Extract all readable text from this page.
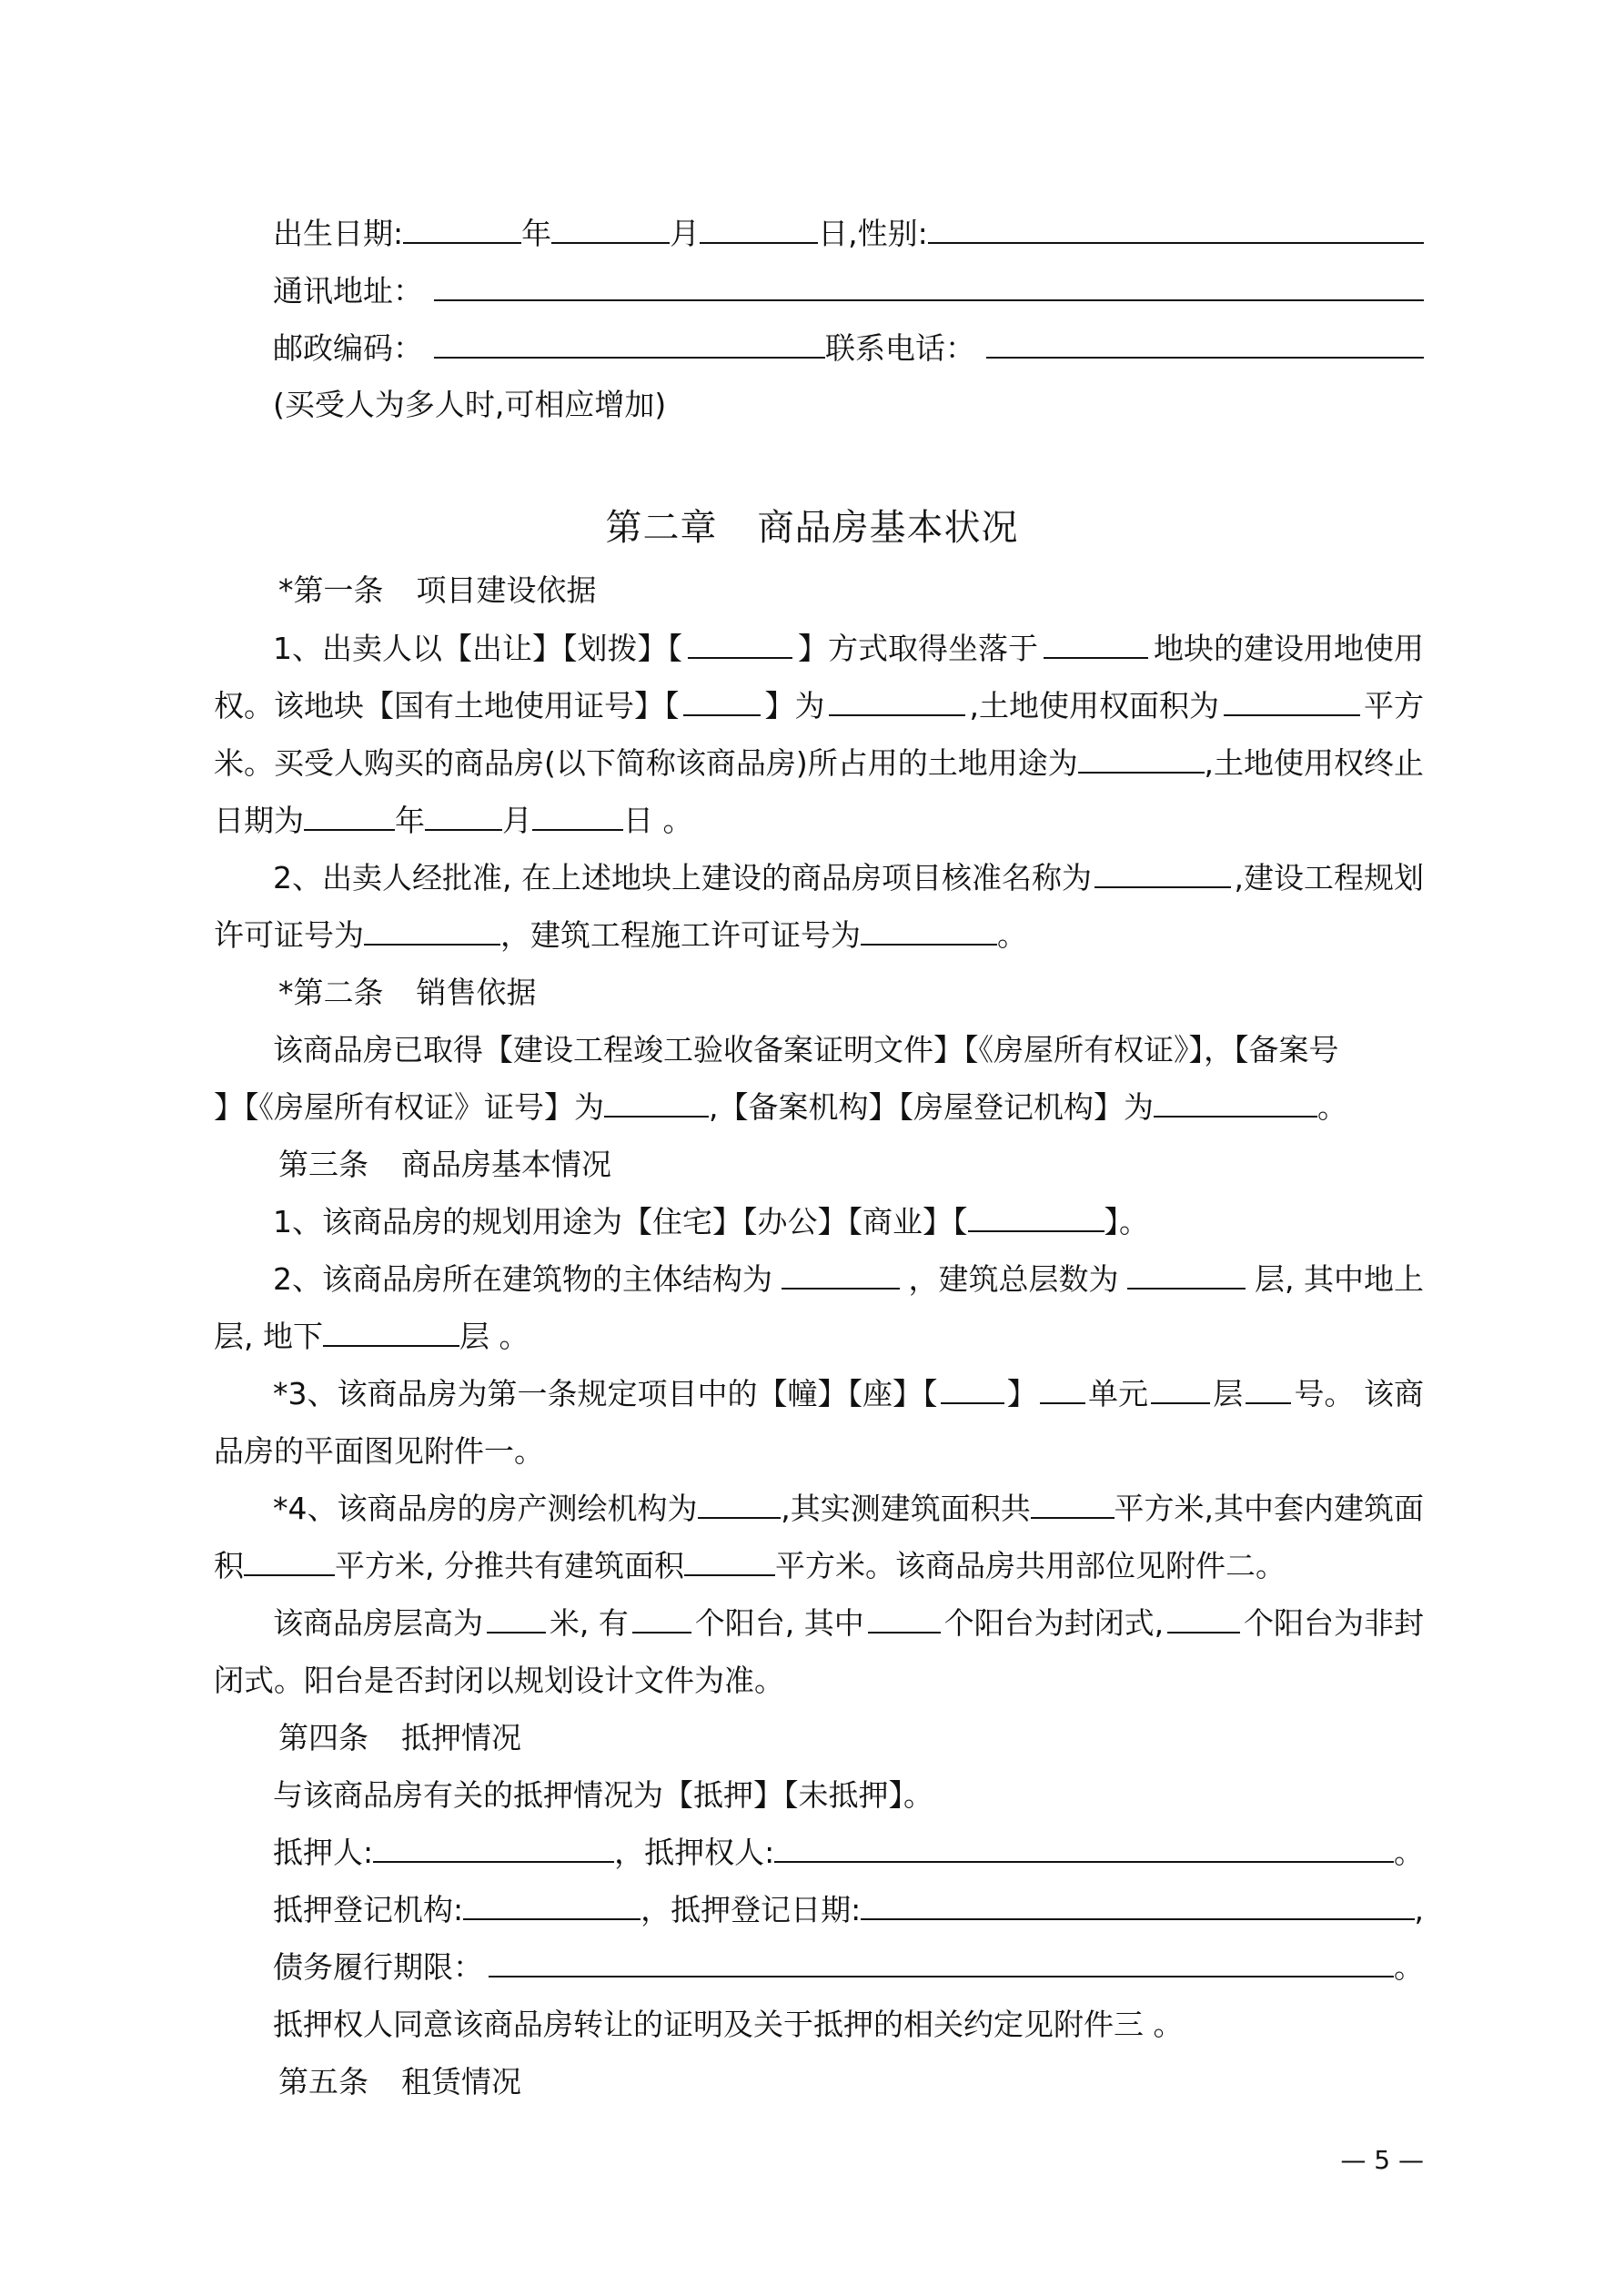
出生日期:	年	月	日,性别:
通讯地址：
邮政编码：	联系电话：
(买受人为多人时,可相应增加)
第二章 商品房基本状况
*第一条 项目建设依据
1、出卖人以【出让】【划拨】【	】方式取得坐落于	地块的建设用地使用
权。该地块【国有土地使用证号】【	】为	,土地使用权面积为	平方
米。买受人购买的商品房(以下简称该商品房)所占用的土地用途为	,土地使用权终止
日期为	年	月	日 。
2、出卖人经批准, 在上述地块上建设的商品房项目核准名称为	,建设工程规划
许可证号为	，建筑工程施工许可证号为	。
*第二条 销售依据
该商品房已取得【建设工程竣工验收备案证明文件】【《房屋所有权证》】，【备案号
】【《房屋所有权证》证号】为	,【备案机构】【房屋登记机构】为	。
第三条 商品房基本情况
1、该商品房的规划用途为【住宅】【办公】【商业】【	】。
2、该商品房所在建筑物的主体结构为	，建筑总层数为	层, 其中地上
层, 地下	层 。
*3、该商品房为第一条规定项目中的【幢】【座】【 】 单元 层 号。 该商
品房的平面图见附件一。
*4、该商品房的房产测绘机构为	,其实测建筑面积共	平方米,其中套内建筑面
积	平方米, 分推共有建筑面积	平方米。该商品房共用部位见附件二。
该商品房层高为 米, 有 个阳台, 其中	个阳台为封闭式,	个阳台为非封
闭式。阳台是否封闭以规划设计文件为准。
第四条 抵押情况
与该商品房有关的抵押情况为【抵押】【未抵押】。
抵押人:	，抵押权人:	。
抵押登记机构:	，抵押登记日期:	,
债务履行期限：	。
抵押权人同意该商品房转让的证明及关于抵押的相关约定见附件三 。
第五条 租赁情况
— 5 —
